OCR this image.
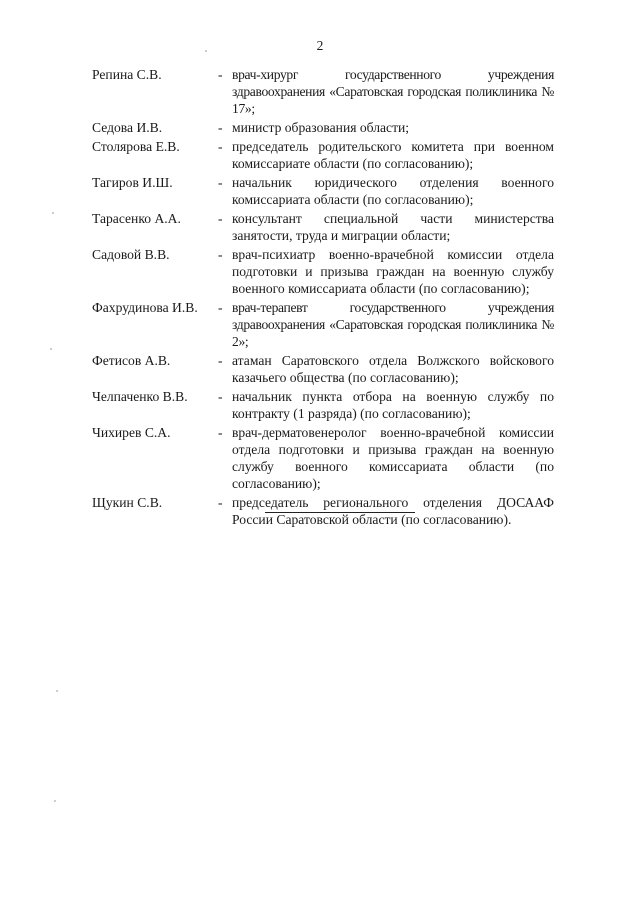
2
Репина С.В.	- врач-хирург государственного учреждения здравоохранения «Саратовская городская поликлиника № 17»;
Седова И.В.	- министр образования области;
Столярова Е.В.	- председатель родительского комитета при военном комиссариате области (по согласованию);
Тагиров И.Ш.	- начальник юридического отделения военного комиссариата области (по согласованию);
Тарасенко А.А.	- консультант специальной части министерства занятости, труда и миграции области;
Садовой В.В.	- врач-психиатр военно-врачебной комиссии отдела подготовки и призыва граждан на военную службу военного комиссариата области (по согласованию);
Фахрудинова И.В.	- врач-терапевт государственного учреждения здравоохранения «Саратовская городская поликлиника № 2»;
Фетисов А.В.	- атаман Саратовского отдела Волжского войскового казачьего общества (по согласованию);
Челпаченко В.В.	- начальник пункта отбора на военную службу по контракту (1 разряда) (по согласованию);
Чихирев С.А.	- врач-дерматовенеролог военно-врачебной комиссии отдела подготовки и призыва граждан на военную службу военного комиссариата области (по согласованию);
Щукин С.В.	- председатель регионального отделения ДОСААФ России Саратовской области (по согласованию).
